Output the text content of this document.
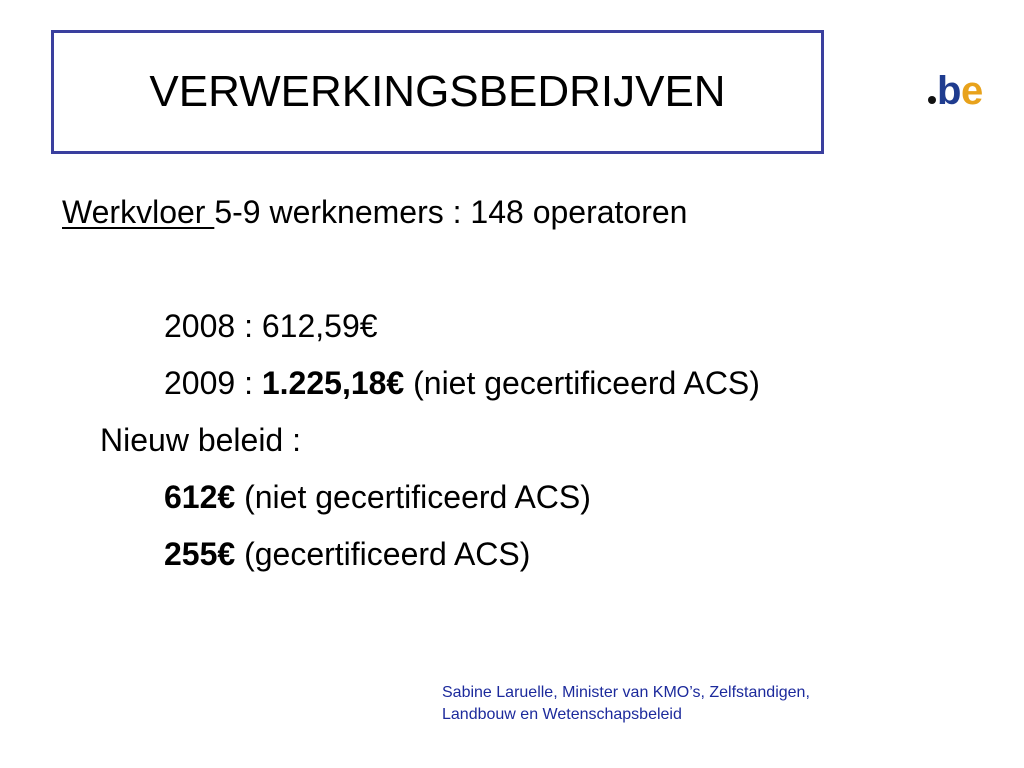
VERWERKINGSBEDRIJVEN	b e
Werkvloer 5-9 werknemers : 148 operatoren
2008 : 612,59€
2009 : 1.225,18€ (niet gecertificeerd ACS)
Nieuw beleid :
612€ (niet gecertificeerd ACS)
255€ (gecertificeerd ACS)
Sabine Laruelle, Minister van KMO’s, Zelfstandigen,
Landbouw en Wetenschapsbeleid
